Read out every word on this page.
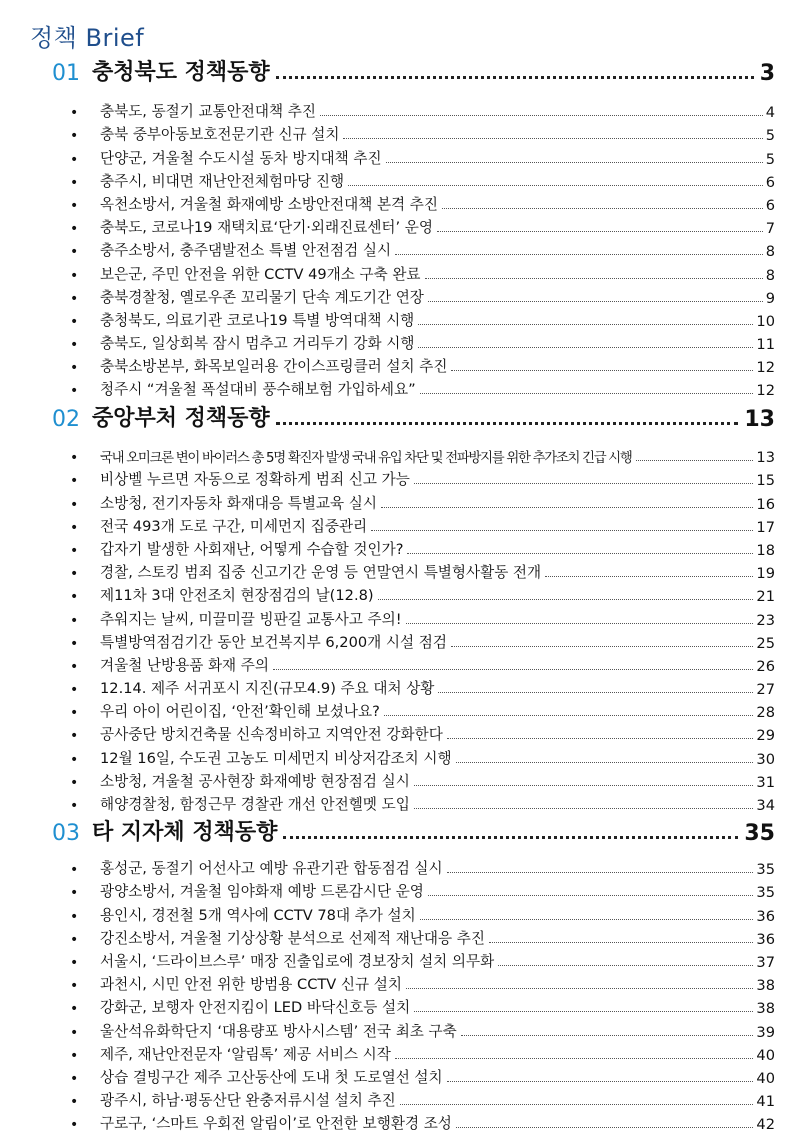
정책 Brief
01 충청북도 정책동향	3
•	충북도, 동절기 교통안전대책 추진	4
•	충북 중부아동보호전문기관 신규 설치	5
•	단양군, 겨울철 수도시설 동차 방지대책 추진	5
•	충주시, 비대면 재난안전체험마당 진행	6
•	옥천소방서, 겨울철 화재예방 소방안전대책 본격 추진	6
•	충북도, 코로나19 재택치료‘단기·외래진료센터’ 운영	7
•	충주소방서, 충주댐발전소 특별 안전점검 실시	8
•	보은군, 주민 안전을 위한 CCTV 49개소 구축 완료	8
•	충북경찰청, 옐로우존 꼬리물기 단속 계도기간 연장	9
•	충청북도, 의료기관 코로나19 특별 방역대책 시행	10
•	충북도, 일상회복 잠시 멈추고 거리두기 강화 시행	11
•	충북소방본부, 화목보일러용 간이스프링클러 설치 추진	12
•	청주시 “겨울철 폭설대비 풍수해보험 가입하세요”	12
02 중앙부처 정책동향	13
•	국내 오미크론 변이 바이러스 총 5명 확진자 발생 국내 유입 차단 및 전파방지를 위한 추가조치 긴급 시행	13
•	비상벨 누르면 자동으로 정확하게 범죄 신고 가능	15
•	소방청, 전기자동차 화재대응 특별교육 실시	16
•	전국 493개 도로 구간, 미세먼지 집중관리	17
•	갑자기 발생한 사회재난, 어떻게 수습할 것인가?	18
•	경찰, 스토킹 범죄 집중 신고기간 운영 등 연말연시 특별형사활동 전개	19
•	제11차 3대 안전조치 현장점검의 날(12.8)	21
•	추워지는 날씨, 미끌미끌 빙판길 교통사고 주의!	23
•	특별방역점검기간 동안 보건복지부 6,200개 시설 점검	25
•	겨울철 난방용품 화재 주의	26
•	12.14. 제주 서귀포시 지진(규모4.9) 주요 대처 상황	27
•	우리 아이 어린이집, ‘안전’확인해 보셨나요?	28
•	공사중단 방치건축물 신속정비하고 지역안전 강화한다	29
•	12월 16일, 수도권 고농도 미세먼지 비상저감조치 시행	30
•	소방청, 겨울철 공사현장 화재예방 현장점검 실시	31
•	해양경찰청, 함정근무 경찰관 개선 안전헬멧 도입	34
03 타 지자체 정책동향	35
•	홍성군, 동절기 어선사고 예방 유관기관 합동점검 실시	35
•	광양소방서, 겨울철 임야화재 예방 드론감시단 운영	35
•	용인시, 경전철 5개 역사에 CCTV 78대 추가 설치	36
•	강진소방서, 겨울철 기상상황 분석으로 선제적 재난대응 추진	36
•	서울시, ‘드라이브스루’ 매장 진출입로에 경보장치 설치 의무화	37
•	과천시, 시민 안전 위한 방범용 CCTV 신규 설치	38
•	강화군, 보행자 안전지킴이 LED 바닥신호등 설치	38
•	울산석유화학단지 ‘대용량포 방사시스템’ 전국 최초 구축	39
•	제주, 재난안전문자 ‘알림톡’ 제공 서비스 시작	40
•	상습 결빙구간 제주 고산동산에 도내 첫 도로열선 설치	40
•	광주시, 하남·평동산단 완충저류시설 설치 추진	41
•	구로구, ‘스마트 우회전 알림이’로 안전한 보행환경 조성	42
